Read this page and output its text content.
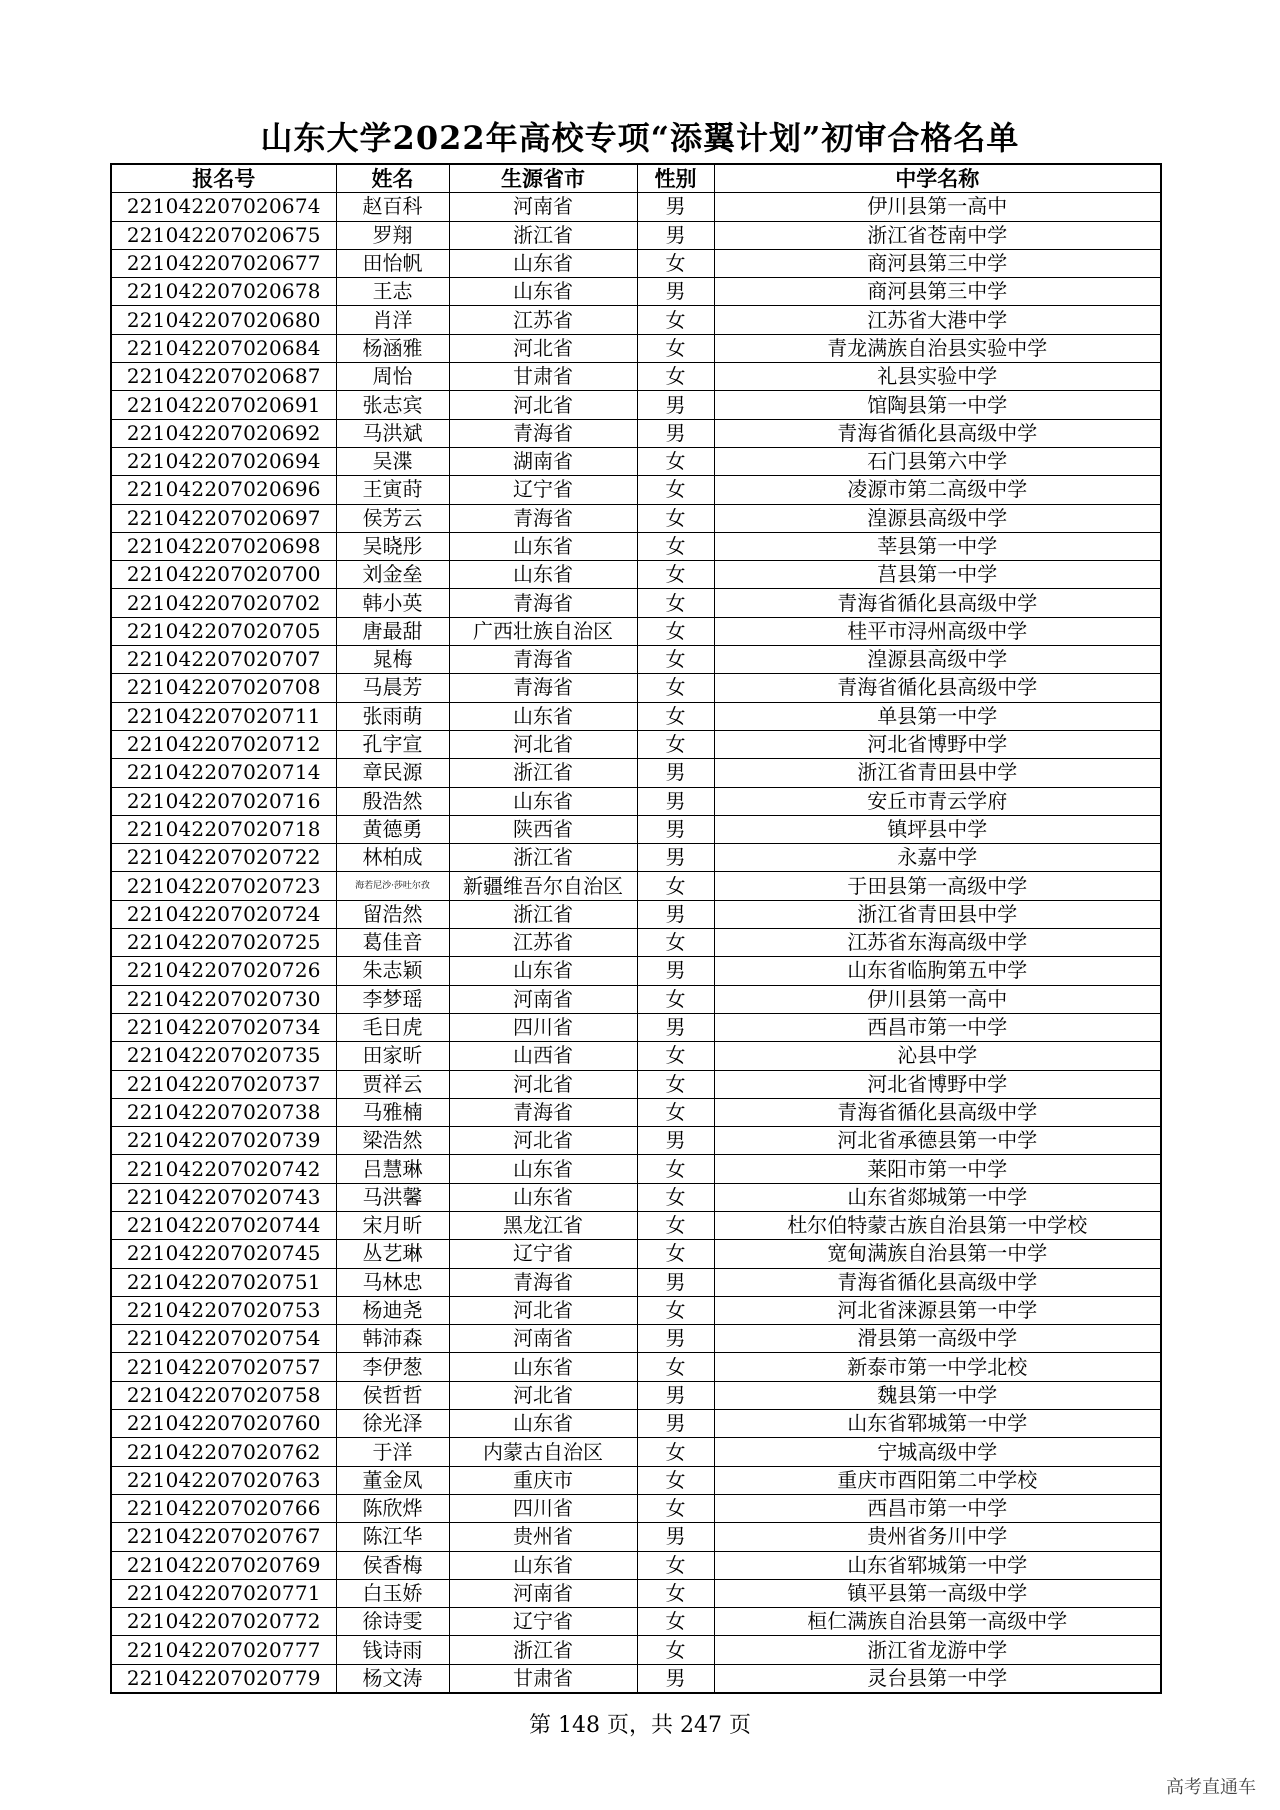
山东大学2022年高校专项“添翼计划”初审合格名单
报名号	姓名	生源省市	性别	中学名称
221042207020674	赵百科	河南省	男	伊川县第一高中
221042207020675	罗翔	浙江省	男	浙江省苍南中学
221042207020677	田怡帆	山东省	女	商河县第三中学
221042207020678	王志	山东省	男	商河县第三中学
221042207020680	肖洋	江苏省	女	江苏省大港中学
221042207020684	杨涵雅	河北省	女	青龙满族自治县实验中学
221042207020687	周怡	甘肃省	女	礼县实验中学
221042207020691	张志宾	河北省	男	馆陶县第一中学
221042207020692	马洪斌	青海省	男	青海省循化县高级中学
221042207020694	吴渫	湖南省	女	石门县第六中学
221042207020696	王寅莳	辽宁省	女	凌源市第二高级中学
221042207020697	侯芳云	青海省	女	湟源县高级中学
221042207020698	吴晓彤	山东省	女	莘县第一中学
221042207020700	刘金垒	山东省	女	莒县第一中学
221042207020702	韩小英	青海省	女	青海省循化县高级中学
221042207020705	唐最甜	广西壮族自治区	女	桂平市浔州高级中学
221042207020707	晁梅	青海省	女	湟源县高级中学
221042207020708	马晨芳	青海省	女	青海省循化县高级中学
221042207020711	张雨萌	山东省	女	单县第一中学
221042207020712	孔宇宣	河北省	女	河北省博野中学
221042207020714	章民源	浙江省	男	浙江省青田县中学
221042207020716	殷浩然	山东省	男	安丘市青云学府
221042207020718	黄德勇	陕西省	男	镇坪县中学
221042207020722	林柏成	浙江省	男	永嘉中学
221042207020723	海若尼沙·莎吐尔孜	新疆维吾尔自治区	女	于田县第一高级中学
221042207020724	留浩然	浙江省	男	浙江省青田县中学
221042207020725	葛佳音	江苏省	女	江苏省东海高级中学
221042207020726	朱志颖	山东省	男	山东省临朐第五中学
221042207020730	李梦瑶	河南省	女	伊川县第一高中
221042207020734	毛日虎	四川省	男	西昌市第一中学
221042207020735	田家昕	山西省	女	沁县中学
221042207020737	贾祥云	河北省	女	河北省博野中学
221042207020738	马雅楠	青海省	女	青海省循化县高级中学
221042207020739	梁浩然	河北省	男	河北省承德县第一中学
221042207020742	吕慧琳	山东省	女	莱阳市第一中学
221042207020743	马洪馨	山东省	女	山东省郯城第一中学
221042207020744	宋月昕	黑龙江省	女	杜尔伯特蒙古族自治县第一中学校
221042207020745	丛艺琳	辽宁省	女	宽甸满族自治县第一中学
221042207020751	马林忠	青海省	男	青海省循化县高级中学
221042207020753	杨迪尧	河北省	女	河北省涞源县第一中学
221042207020754	韩沛森	河南省	男	滑县第一高级中学
221042207020757	李伊葱	山东省	女	新泰市第一中学北校
221042207020758	侯哲哲	河北省	男	魏县第一中学
221042207020760	徐光泽	山东省	男	山东省郓城第一中学
221042207020762	于洋	内蒙古自治区	女	宁城高级中学
221042207020763	董金凤	重庆市	女	重庆市酉阳第二中学校
221042207020766	陈欣烨	四川省	女	西昌市第一中学
221042207020767	陈江华	贵州省	男	贵州省务川中学
221042207020769	侯香梅	山东省	女	山东省郓城第一中学
221042207020771	白玉娇	河南省	女	镇平县第一高级中学
221042207020772	徐诗雯	辽宁省	女	桓仁满族自治县第一高级中学
221042207020777	钱诗雨	浙江省	女	浙江省龙游中学
221042207020779	杨文涛	甘肃省	男	灵台县第一中学
第 148 页，共 247 页
高考直通车
